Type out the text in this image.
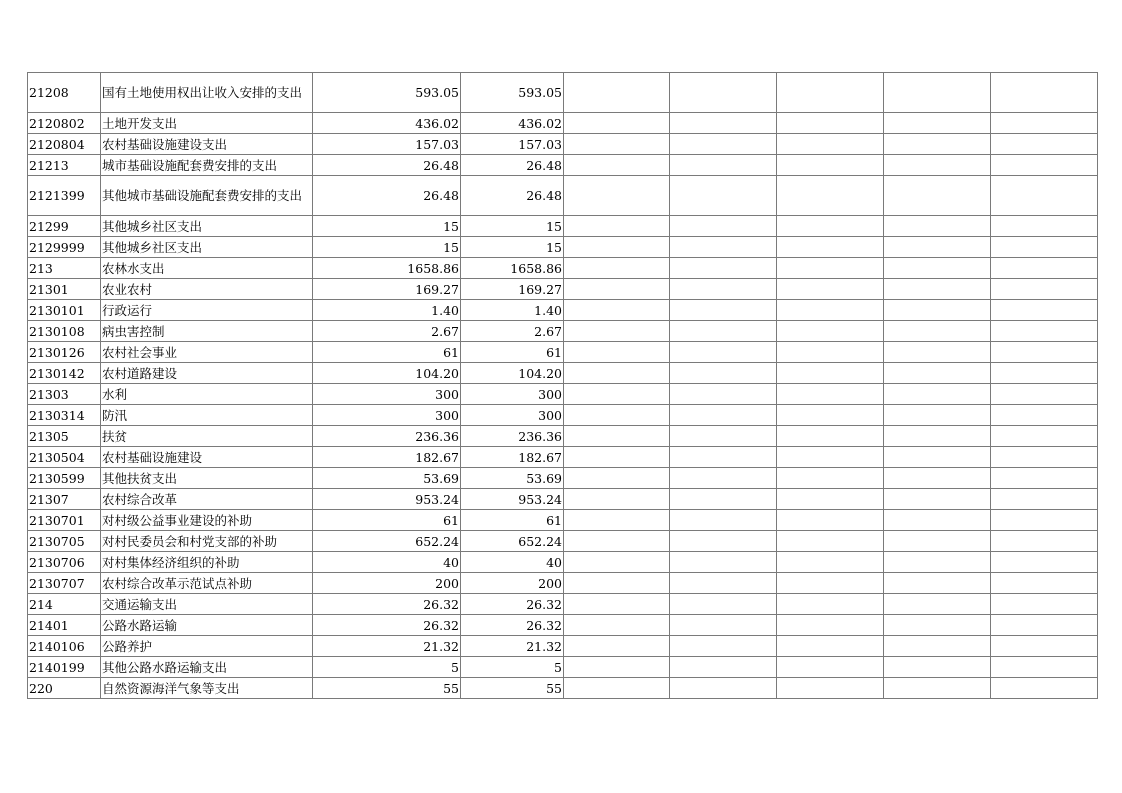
21208	国有土地使用权出让收入安排的支出	593.05	593.05					
2120802	土地开发支出	436.02	436.02					
2120804	农村基础设施建设支出	157.03	157.03					
21213	城市基础设施配套费安排的支出	26.48	26.48					
2121399	其他城市基础设施配套费安排的支出	26.48	26.48					
21299	其他城乡社区支出	15	15					
2129999	其他城乡社区支出	15	15					
213	农林水支出	1658.86	1658.86					
21301	农业农村	169.27	169.27					
2130101	行政运行	1.40	1.40					
2130108	病虫害控制	2.67	2.67					
2130126	农村社会事业	61	61					
2130142	农村道路建设	104.20	104.20					
21303	水利	300	300					
2130314	防汛	300	300					
21305	扶贫	236.36	236.36					
2130504	农村基础设施建设	182.67	182.67					
2130599	其他扶贫支出	53.69	53.69					
21307	农村综合改革	953.24	953.24					
2130701	对村级公益事业建设的补助	61	61					
2130705	对村民委员会和村党支部的补助	652.24	652.24					
2130706	对村集体经济组织的补助	40	40					
2130707	农村综合改革示范试点补助	200	200					
214	交通运输支出	26.32	26.32					
21401	公路水路运输	26.32	26.32					
2140106	公路养护	21.32	21.32					
2140199	其他公路水路运输支出	5	5					
220	自然资源海洋气象等支出	55	55					
